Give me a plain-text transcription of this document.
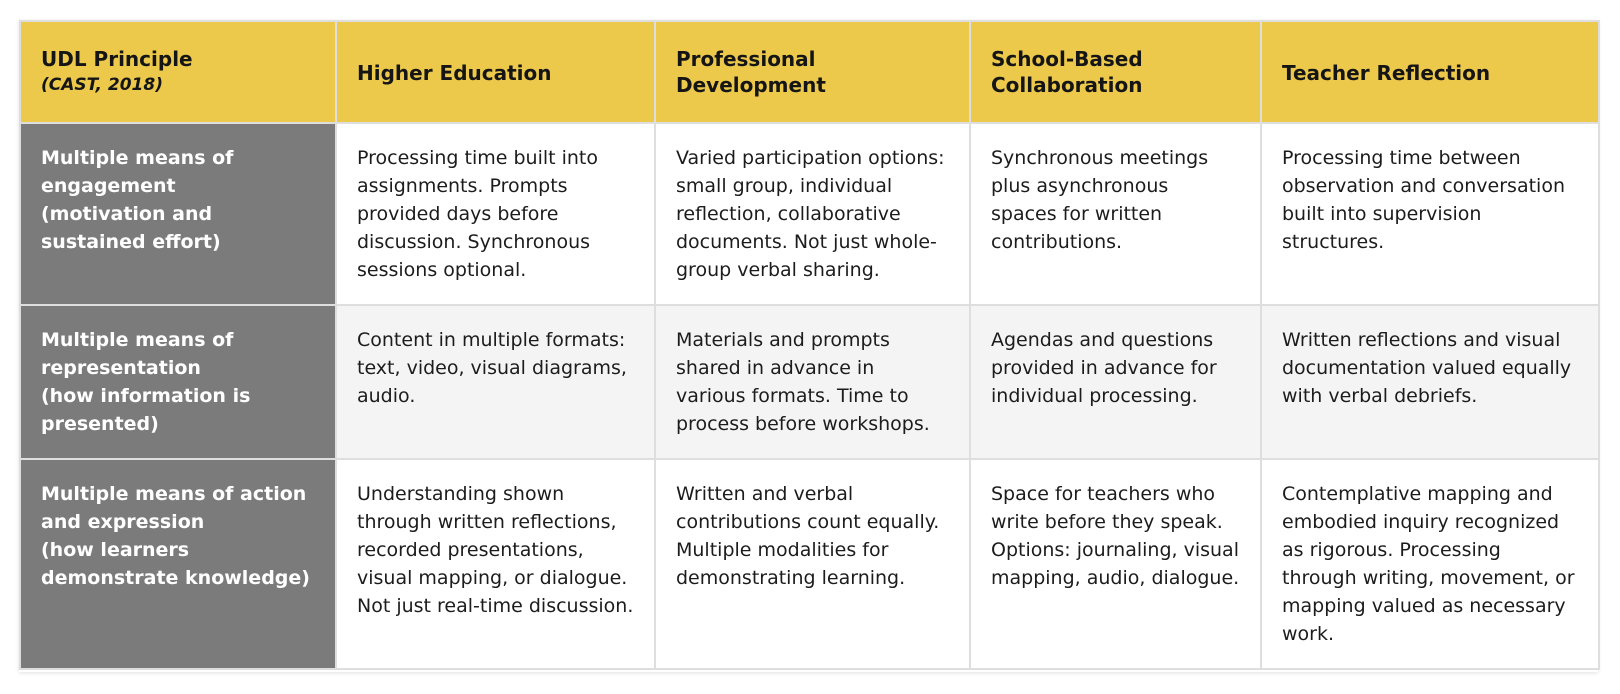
UDL Principle
(CAST, 2018)	Higher Education	Professional Development	School-Based Collaboration	Teacher Reflection

Multiple means of engagement
(motivation and sustained effort)	Processing time built into assignments. Prompts provided days before discussion. Synchronous sessions optional.	Varied participation options: small group, individual reflection, collaborative documents. Not just whole-group verbal sharing.	Synchronous meetings plus asynchronous spaces for written contributions.	Processing time between observation and conversation built into supervision structures.

Multiple means of representation
(how information is presented)	Content in multiple formats: text, video, visual diagrams, audio.	Materials and prompts shared in advance in various formats. Time to process before workshops.	Agendas and questions provided in advance for individual processing.	Written reflections and visual documentation valued equally with verbal debriefs.

Multiple means of action and expression
(how learners demonstrate knowledge)	Understanding shown through written reflections, recorded presentations, visual mapping, or dialogue. Not just real-time discussion.	Written and verbal contributions count equally. Multiple modalities for demonstrating learning.	Space for teachers who write before they speak. Options: journaling, visual mapping, audio, dialogue.	Contemplative mapping and embodied inquiry recognized as rigorous. Processing through writing, movement, or mapping valued as necessary work.
